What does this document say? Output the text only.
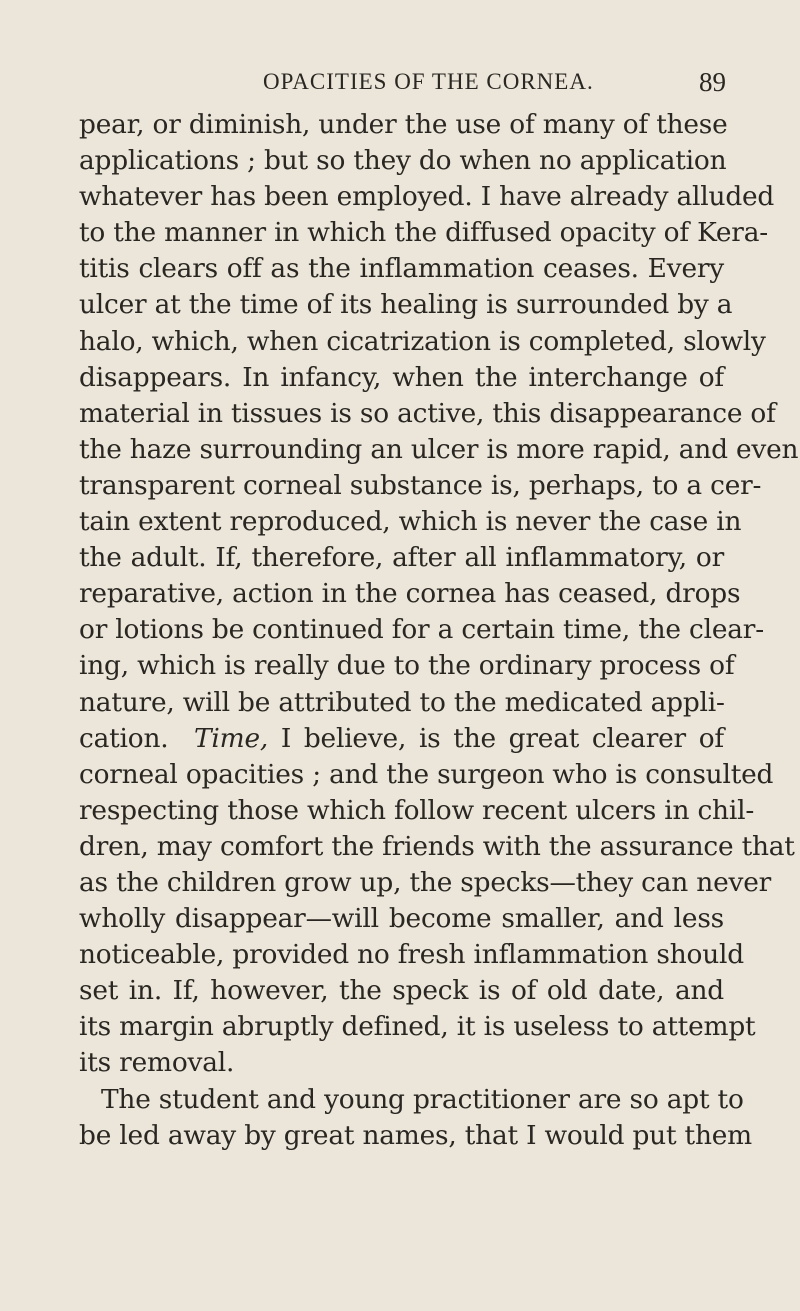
OPACITIES OF THE CORNEA.	89
pear, or diminish, under the use of many of these
applications ; but so they do when no application
whatever has been employed. I have already alluded
to the manner in which the diffused opacity of Kera-
titis clears off as the inflammation ceases. Every
ulcer at the time of its healing is surrounded by a
halo, which, when cicatrization is completed, slowly
disappears. In infancy, when the interchange of
material in tissues is so active, this disappearance of
the haze surrounding an ulcer is more rapid, and even
transparent corneal substance is, perhaps, to a cer-
tain extent reproduced, which is never the case in
the adult. If, therefore, after all inflammatory, or
reparative, action in the cornea has ceased, drops
or lotions be continued for a certain time, the clear-
ing, which is really due to the ordinary process of
nature, will be attributed to the medicated appli-
cation. Time, I believe, is the great clearer of
corneal opacities ; and the surgeon who is consulted
respecting those which follow recent ulcers in chil-
dren, may comfort the friends with the assurance that
as the children grow up, the specks—they can never
wholly disappear—will become smaller, and less
noticeable, provided no fresh inflammation should
set in. If, however, the speck is of old date, and
its margin abruptly defined, it is useless to attempt
its removal.
The student and young practitioner are so apt to
be led away by great names, that I would put them
